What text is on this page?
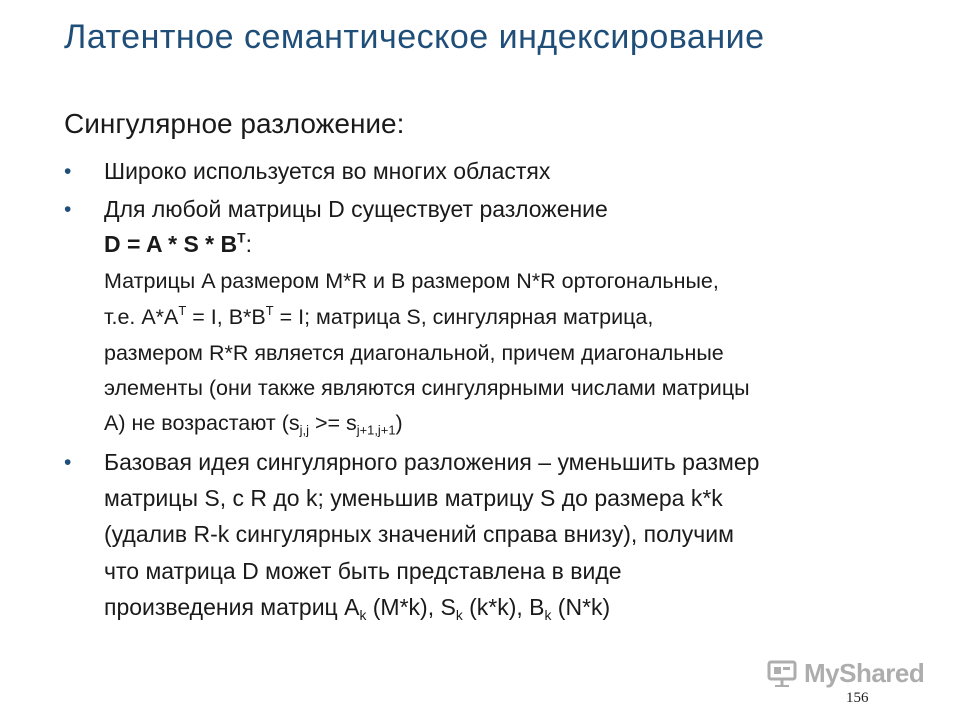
Латентное семантическое индексирование
Сингулярное разложение:
• Широко используется во многих областях
• Для любой матрицы D существует разложение
$D = A * S * B^T$:
Матрицы A размером M*R и B размером N*R ортогональные,
т.е. $A*A^T = I$, $B*B^T = I$; матрица S, сингулярная матрица,
размером R*R является диагональной, причем диагональные
элементы (они также являются сингулярными числами матрицы
A) не возрастают $(s_{j,j} >= s_{j+1,j+1})$
• Базовая идея сингулярного разложения – уменьшить размер
матрицы S, с R до k; уменьшив матрицу S до размера k*k
(удалив R-k сингулярных значений справа внизу), получим
что матрица D может быть представлена в виде
произведения матриц $A_k$ (M*k), $S_k$ (k*k), $B_k$ (N*k)
MyShared
156
